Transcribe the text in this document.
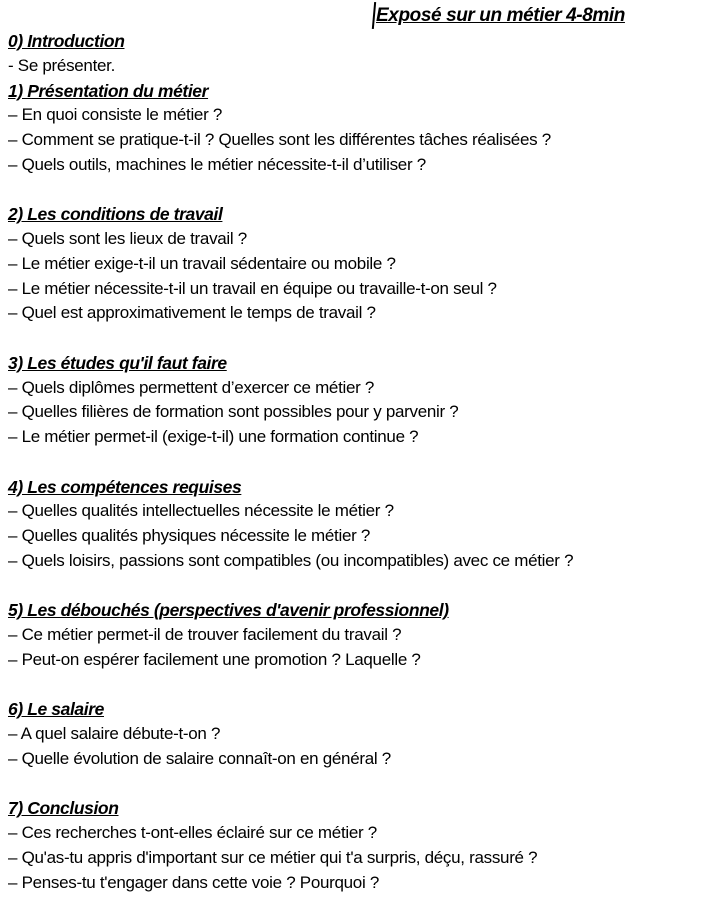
Exposé sur un métier 4-8min
0) Introduction
- Se présenter.
1) Présentation du métier
– En quoi consiste le métier ?
– Comment se pratique-t-il ? Quelles sont les différentes tâches réalisées ?
– Quels outils, machines le métier nécessite-t-il d’utiliser ?
2) Les conditions de travail
– Quels sont les lieux de travail ?
– Le métier exige-t-il un travail sédentaire ou mobile ?
– Le métier nécessite-t-il un travail en équipe ou travaille-t-on seul ?
– Quel est approximativement le temps de travail ?
3) Les études qu'il faut faire
– Quels diplômes permettent d’exercer ce métier ?
– Quelles filières de formation sont possibles pour y parvenir ?
– Le métier permet-il (exige-t-il) une formation continue ?
4) Les compétences requises
– Quelles qualités intellectuelles nécessite le métier ?
– Quelles qualités physiques nécessite le métier ?
– Quels loisirs, passions sont compatibles (ou incompatibles) avec ce métier ?
5) Les débouchés (perspectives d'avenir professionnel)
– Ce métier permet-il de trouver facilement du travail ?
– Peut-on espérer facilement une promotion ? Laquelle ?
6) Le salaire
– A quel salaire débute-t-on ?
– Quelle évolution de salaire connaît-on en général ?
7) Conclusion
– Ces recherches t-ont-elles éclairé sur ce métier ?
– Qu'as-tu appris d'important sur ce métier qui t'a surpris, déçu, rassuré ?
– Penses-tu t'engager dans cette voie ? Pourquoi ?
